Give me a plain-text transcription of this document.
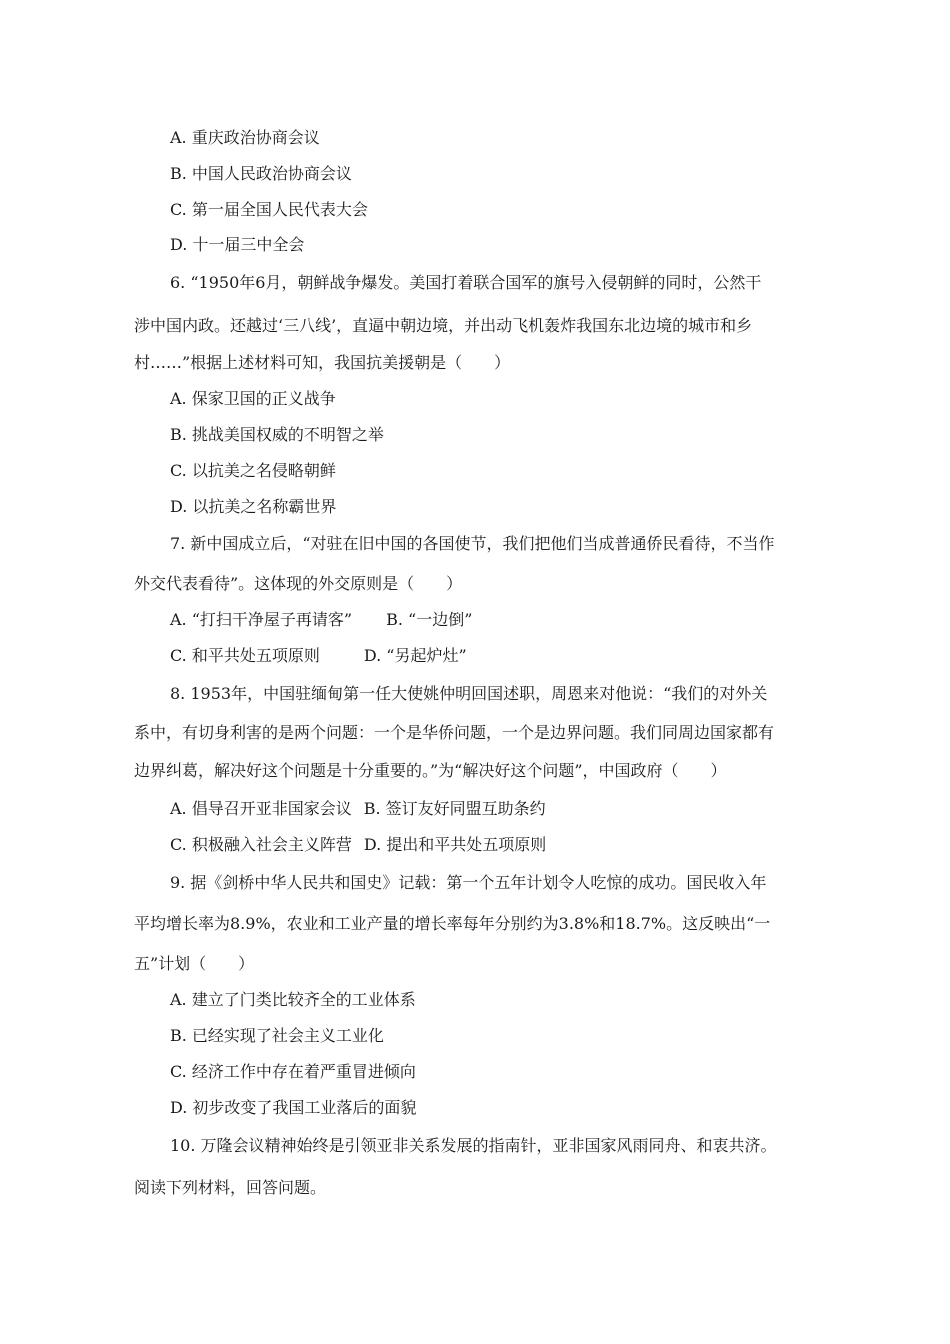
A. 重庆政治协商会议
B. 中国人民政治协商会议
C. 第一届全国人民代表大会
D. 十一届三中全会
6. “1950年6月，朝鲜战争爆发。美国打着联合国军的旗号入侵朝鲜的同时，公然干
涉中国内政。还越过‘三八线’，直逼中朝边境，并出动飞机轰炸我国东北边境的城市和乡
村……”根据上述材料可知，我国抗美援朝是（　　）
A. 保家卫国的正义战争
B. 挑战美国权威的不明智之举
C. 以抗美之名侵略朝鲜
D. 以抗美之名称霸世界
7. 新中国成立后，“对驻在旧中国的各国使节，我们把他们当成普通侨民看待，不当作
外交代表看待”。这体现的外交原则是（　　）
A. “打扫干净屋子再请客” B. “一边倒”
C. 和平共处五项原则	D. “另起炉灶”
8. 1953年，中国驻缅甸第一任大使姚仲明回国述职，周恩来对他说：“我们的对外关
系中，有切身利害的是两个问题：一个是华侨问题，一个是边界问题。我们同周边国家都有
边界纠葛，解决好这个问题是十分重要的。”为“解决好这个问题”，中国政府（　　）
A. 倡导召开亚非国家会议 B. 签订友好同盟互助条约
C. 积极融入社会主义阵营 D. 提出和平共处五项原则
9. 据《剑桥中华人民共和国史》记载：第一个五年计划令人吃惊的成功。国民收入年
平均增长率为8.9%，农业和工业产量的增长率每年分别约为3.8%和18.7%。这反映出“一
五”计划（　　）
A. 建立了门类比较齐全的工业体系
B. 已经实现了社会主义工业化
C. 经济工作中存在着严重冒进倾向
D. 初步改变了我国工业落后的面貌
10. 万隆会议精神始终是引领亚非关系发展的指南针，亚非国家风雨同舟、和衷共济。
阅读下列材料，回答问题。
